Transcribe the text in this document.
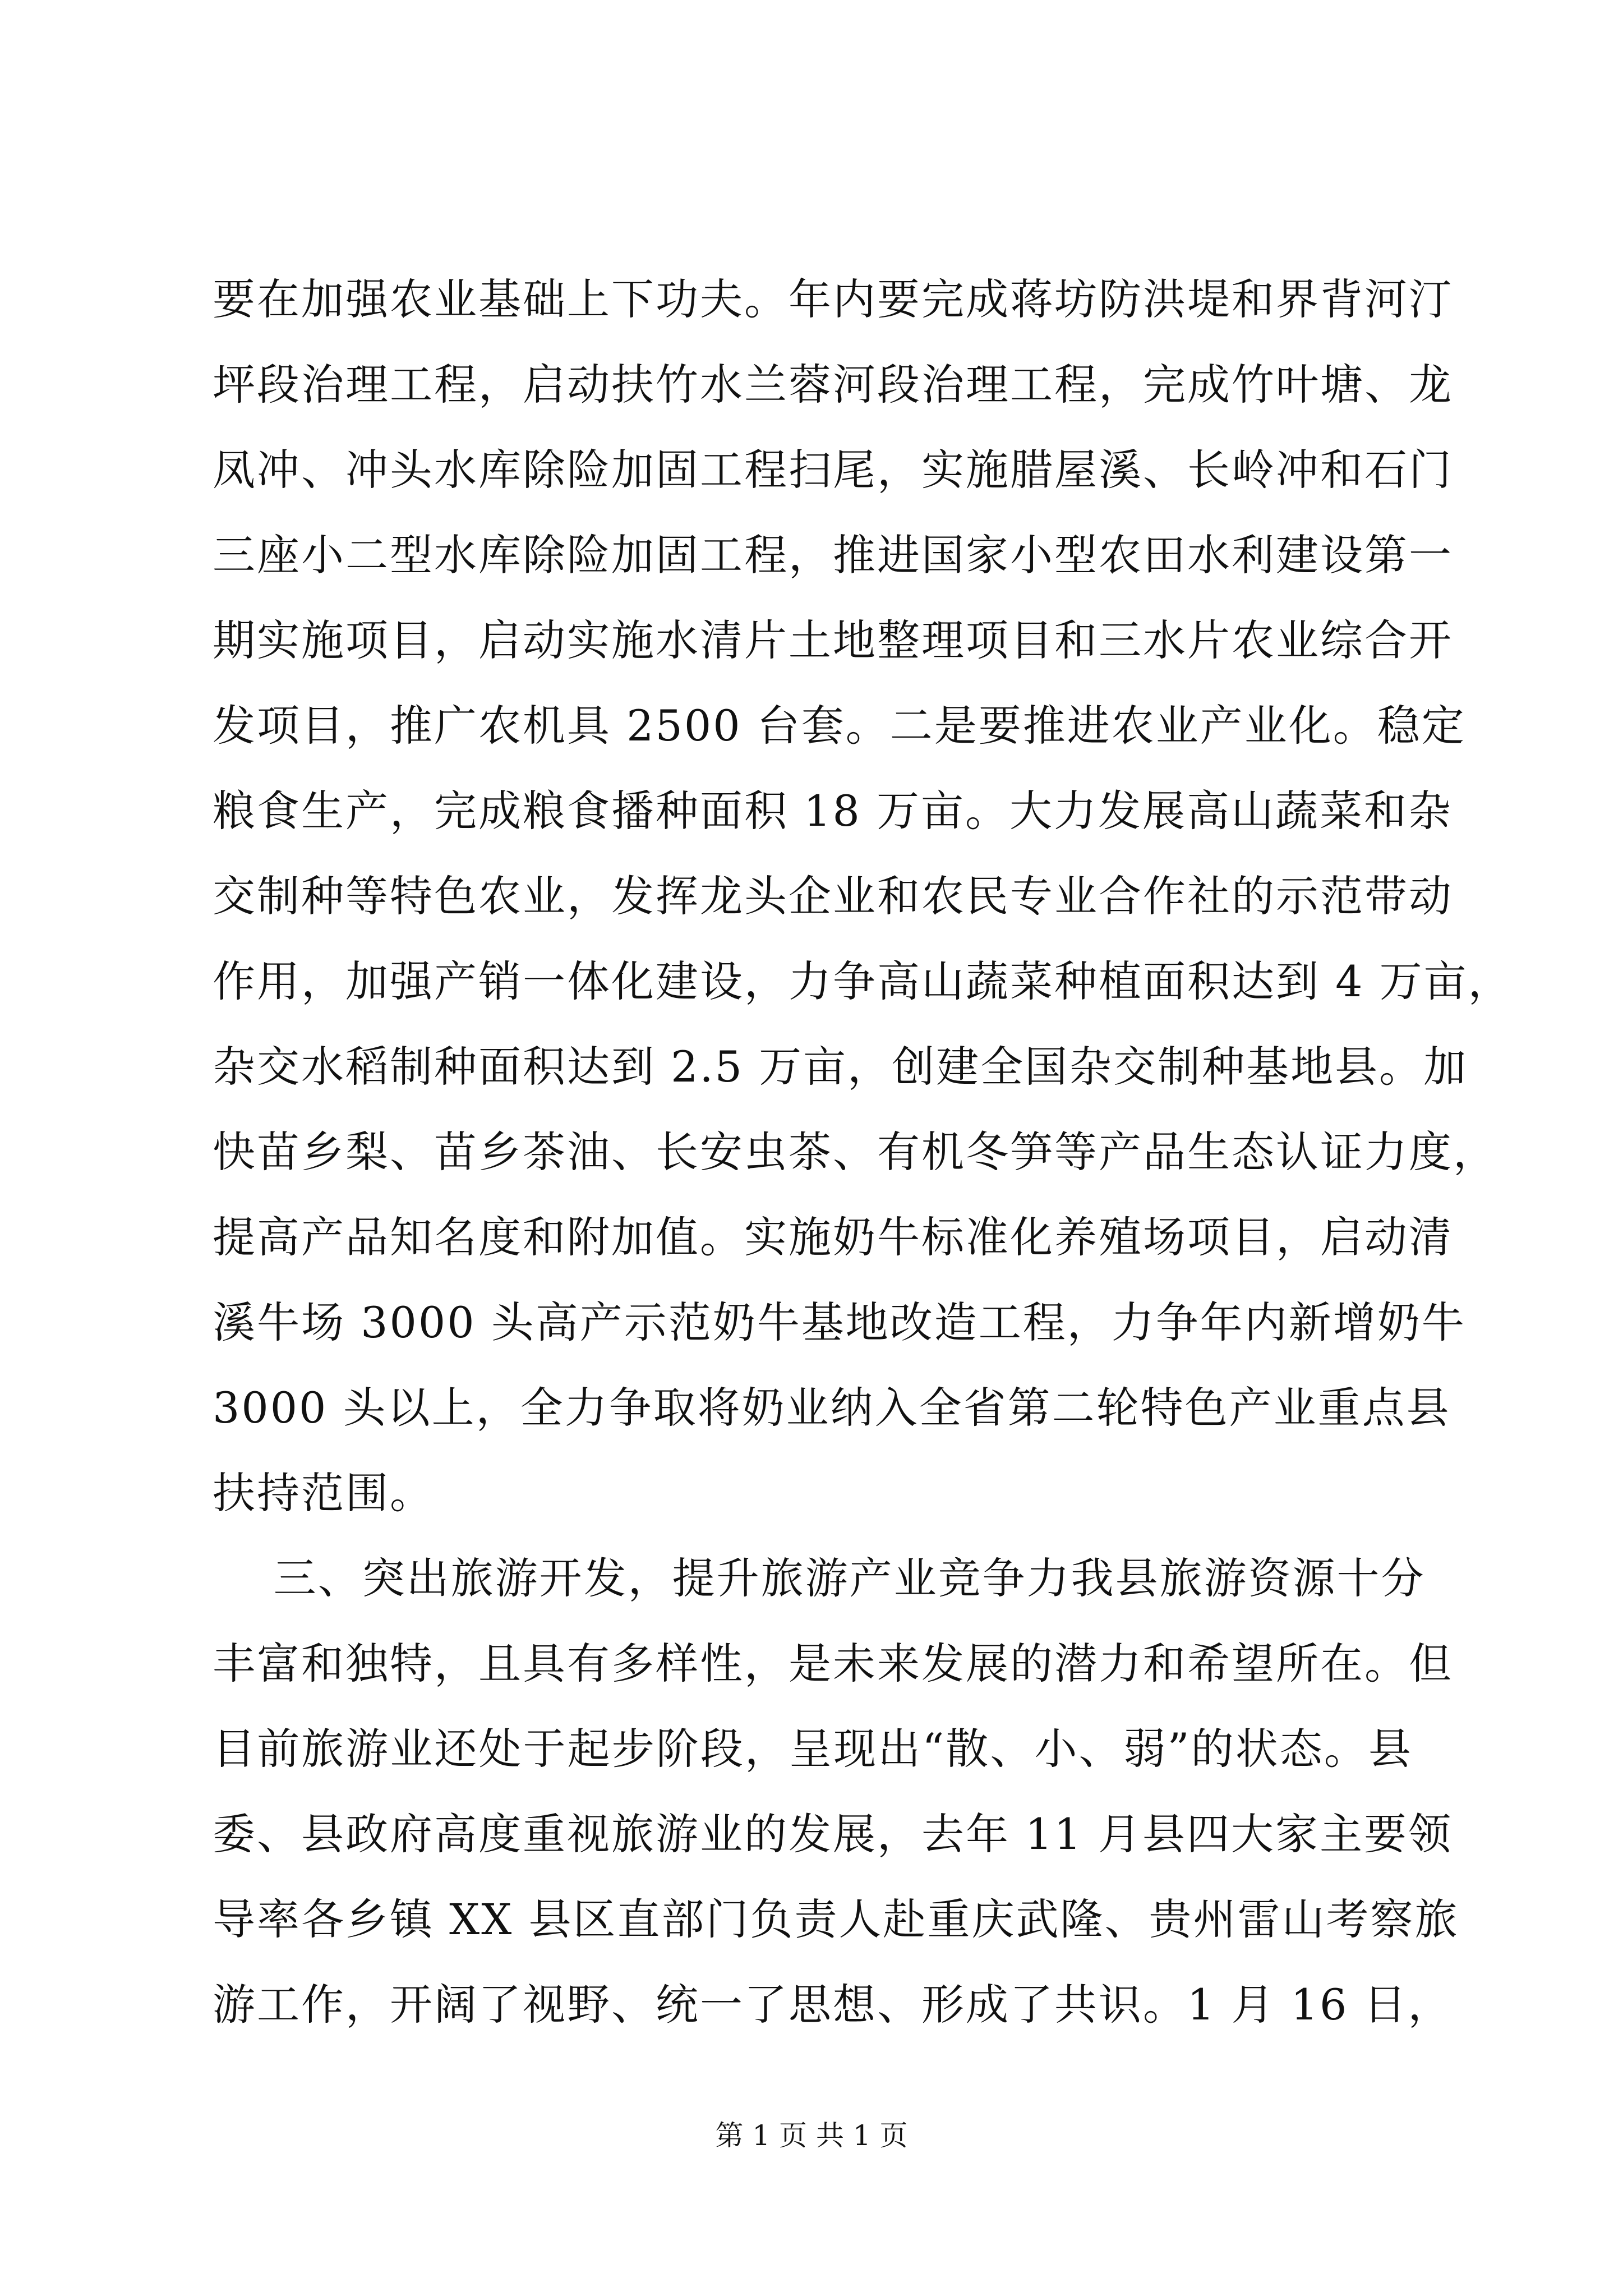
要在加强农业基础上下功夫。年内要完成蒋坊防洪堤和界背河汀
坪段治理工程，启动扶竹水兰蓉河段治理工程，完成竹叶塘、龙
凤冲、冲头水库除险加固工程扫尾，实施腊屋溪、长岭冲和石门
三座小二型水库除险加固工程，推进国家小型农田水利建设第一
期实施项目，启动实施水清片土地整理项目和三水片农业综合开
发项目，推广农机具 2500 台套。二是要推进农业产业化。稳定
粮食生产，完成粮食播种面积 18 万亩。大力发展高山蔬菜和杂
交制种等特色农业，发挥龙头企业和农民专业合作社的示范带动
作用，加强产销一体化建设，力争高山蔬菜种植面积达到 4 万亩，
杂交水稻制种面积达到 2.5 万亩，创建全国杂交制种基地县。加
快苗乡梨、苗乡茶油、长安虫茶、有机冬笋等产品生态认证力度，
提高产品知名度和附加值。实施奶牛标准化养殖场项目，启动清
溪牛场 3000 头高产示范奶牛基地改造工程，力争年内新增奶牛
3000 头以上，全力争取将奶业纳入全省第二轮特色产业重点县
扶持范围。
三、突出旅游开发，提升旅游产业竞争力我县旅游资源十分
丰富和独特，且具有多样性，是未来发展的潜力和希望所在。但
目前旅游业还处于起步阶段，呈现出“散、小、弱”的状态。县
委、县政府高度重视旅游业的发展，去年 11 月县四大家主要领
导率各乡镇 XX 县区直部门负责人赴重庆武隆、贵州雷山考察旅
游工作，开阔了视野、统一了思想、形成了共识。1 月 16 日，
第 1 页 共 1 页
